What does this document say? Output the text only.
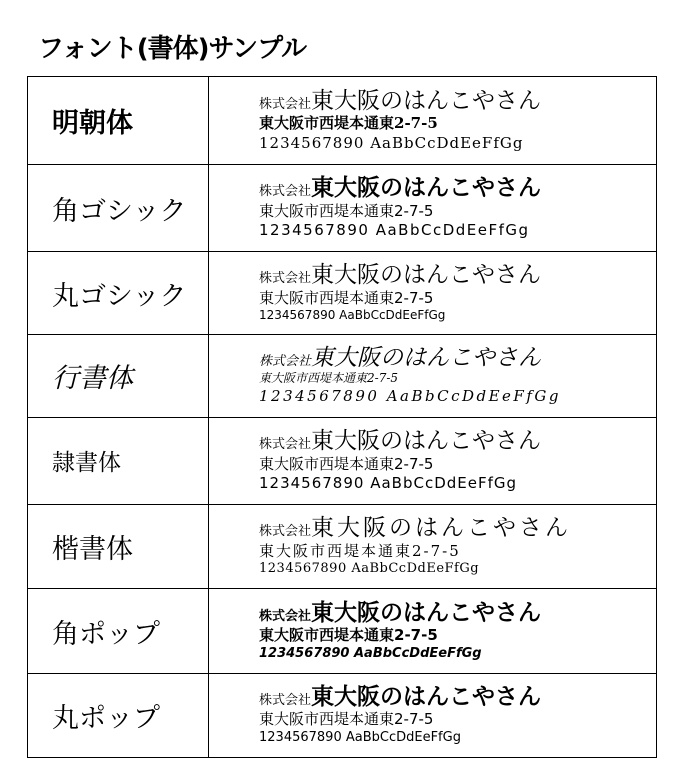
フォント(書体)サンプル
明朝体	株式会社東大阪のはんこやさん
東大阪市西堤本通東2-7-5
1234567890 AaBbCcDdEeFfGg

角ゴシック	株式会社東大阪のはんこやさん
東大阪市西堤本通東2-7-5
1234567890 AaBbCcDdEeFfGg

丸ゴシック	株式会社東大阪のはんこやさん
東大阪市西堤本通東2-7-5
1234567890 AaBbCcDdEeFfGg

行書体	株式会社東大阪のはんこやさん
東大阪市西堤本通東2-7-5
1234567890 AaBbCcDdEeFfGg

隷書体	株式会社東大阪のはんこやさん
東大阪市西堤本通東2-7-5
1234567890 AaBbCcDdEeFfGg

楷書体	株式会社東大阪のはんこやさん
東大阪市西堤本通東2-7-5
1234567890 AaBbCcDdEeFfGg

角ポップ	株式会社東大阪のはんこやさん
東大阪市西堤本通東2-7-5
1234567890 AaBbCcDdEeFfGg

丸ポップ	株式会社東大阪のはんこやさん
東大阪市西堤本通東2-7-5
1234567890 AaBbCcDdEeFfGg
